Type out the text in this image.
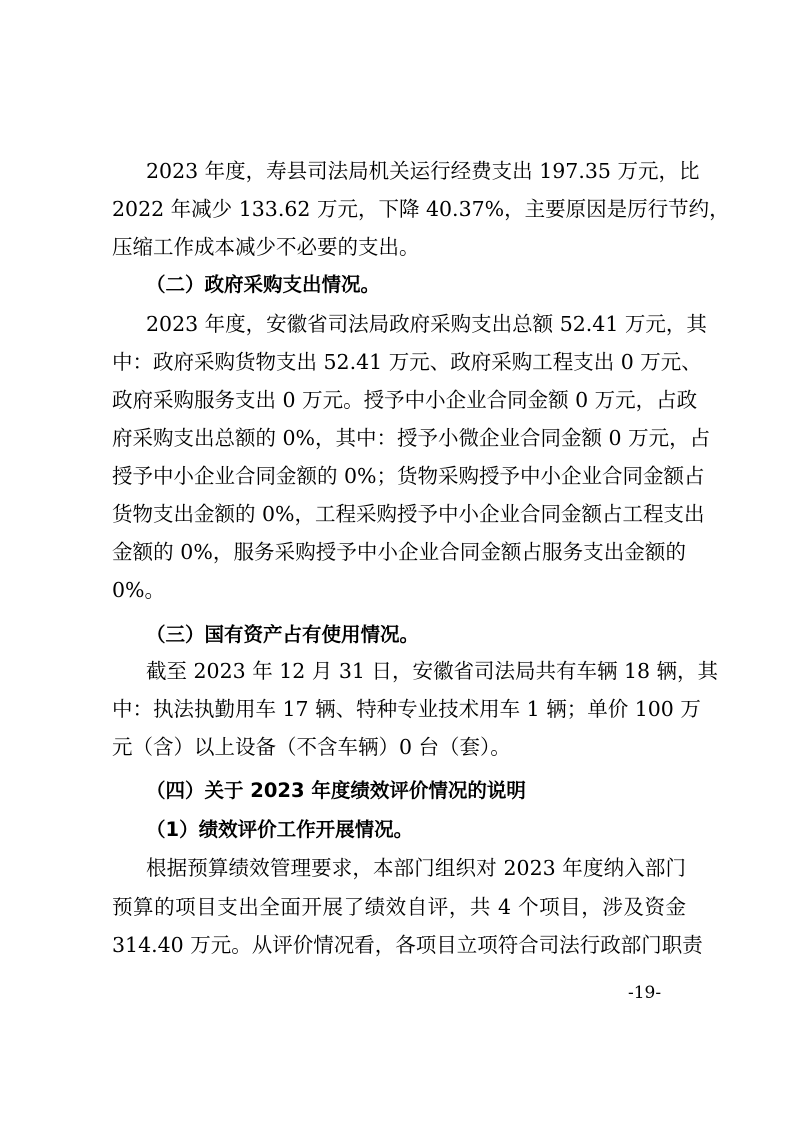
2023 年度，寿县司法局机关运行经费支出 197.35 万元，比
2022 年减少 133.62 万元，下降 40.37%，主要原因是厉行节约，
压缩工作成本减少不必要的支出。
（二）政府采购支出情况。
2023 年度，安徽省司法局政府采购支出总额 52.41 万元，其
中：政府采购货物支出 52.41 万元、政府采购工程支出 0 万元、
政府采购服务支出 0 万元。授予中小企业合同金额 0 万元，占政
府采购支出总额的 0%，其中：授予小微企业合同金额 0 万元，占
授予中小企业合同金额的 0%；货物采购授予中小企业合同金额占
货物支出金额的 0%，工程采购授予中小企业合同金额占工程支出
金额的 0%，服务采购授予中小企业合同金额占服务支出金额的
0%。
（三）国有资产占有使用情况。
截至 2023 年 12 月 31 日，安徽省司法局共有车辆 18 辆，其
中：执法执勤用车 17 辆、特种专业技术用车 1 辆；单价 100 万
元（含）以上设备（不含车辆）0 台（套）。
（四）关于 2023 年度绩效评价情况的说明
（1）绩效评价工作开展情况。
根据预算绩效管理要求，本部门组织对 2023 年度纳入部门
预算的项目支出全面开展了绩效自评，共 4 个项目，涉及资金
314.40 万元。从评价情况看，各项目立项符合司法行政部门职责
-19-
